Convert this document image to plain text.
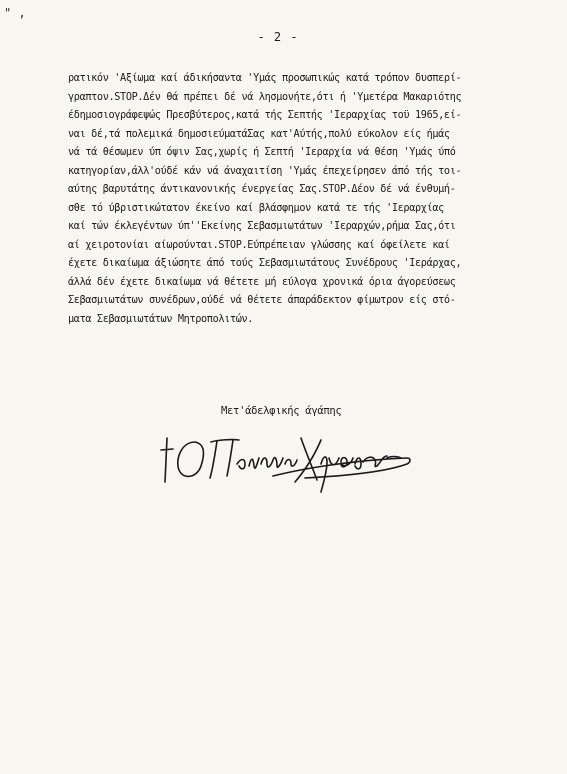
" ,
- 2 -
ρατικόν 'Αξίωμα καί άδικήσαντα 'Υμάς προσωπικώς κατά τρόπον δυσπερί-
γραπτον.STOP.Δέν θά πρέπει δέ νά λησμονήτε,ότι ή 'Υμετέρα Μακαριότης
έδημοσιογράφεψώς Πρεσβύτερος,κατά τής Σεπτής 'Ιεραρχίας τοϋ 1965,εί-
ναι δέ,τά πολεμικά δημοσιεύματάΣας κατ'Αύτής,πολύ εύκολον είς ήμάς
νά τά θέσωμεν ύπ όψιν Σας,χωρίς ή Σεπτή 'Ιεραρχία νά θέση 'Υμάς ύπό
κατηγορίαν,άλλ'ούδέ κάν νά άναχαιτίση 'Υμάς έπεχείρησεν άπό τής τοι-
αύτης βαρυτάτης άντικανονικής ένεργείας Σας.STOP.Δέον δέ νά ένθυμή-
σθε τό ύβριστικώτατον έκείνο καί βλάσφημον κατά τε τής 'Ιεραρχίας
καί τών έκλεγέντων ύπ''Εκείνης Σεβασμιωτάτων 'Ιεραρχών,ρήμα Σας,ότι
αί χειροτονίαι αίωρούνται.STOP.Εύπρέπειαν γλώσσης καί όφείλετε καί
έχετε δικαίωμα άξιώσητε άπό τούς Σεβασμιωτάτους Συνέδρους 'Ιεράρχας,
άλλά δέν έχετε δικαίωμα νά θέτετε μή εύλογα χρονικά όρια άγορεύσεως
Σεβασμιωτάτων συνέδρων,ούδέ νά θέτετε άπαράδεκτον φίμωτρον είς στό-
ματα Σεβασμιωτάτων Μητροπολιτών.
Μετ'άδελφικής άγάπης
